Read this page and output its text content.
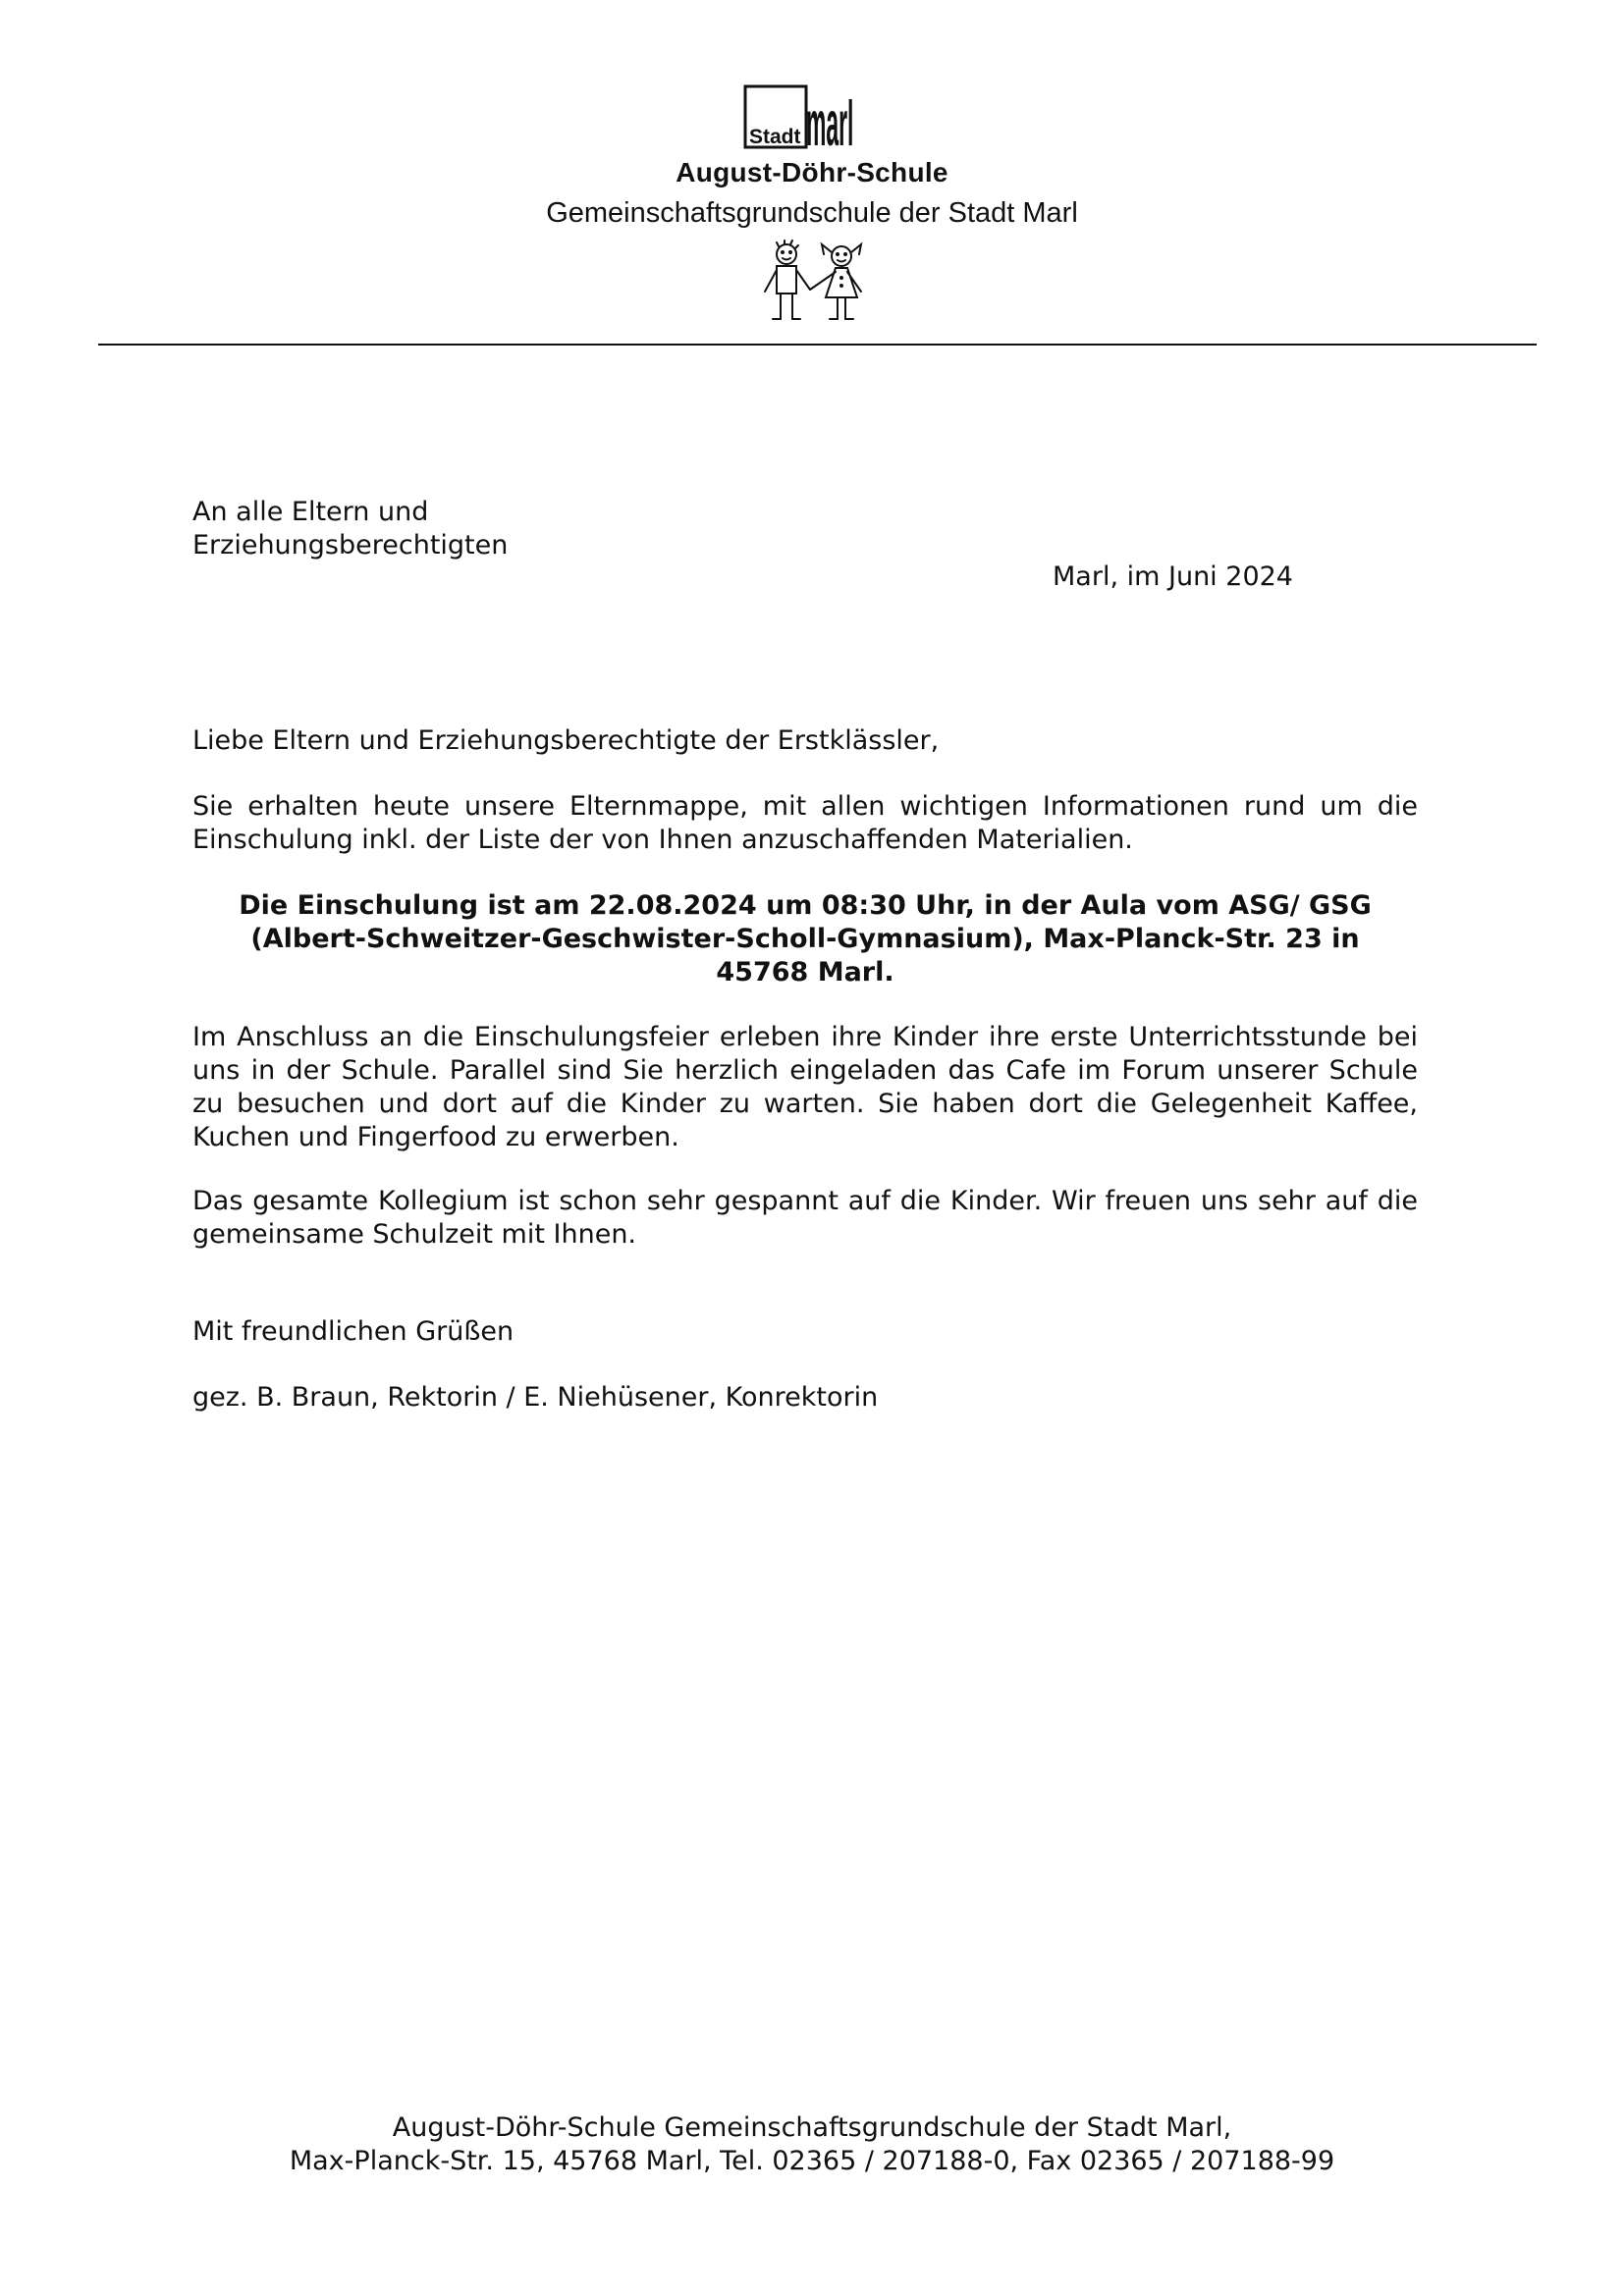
Stadt marl
August-Döhr-Schule
Gemeinschaftsgrundschule der Stadt Marl
An alle Eltern und
Erziehungsberechtigten
Marl, im Juni 2024
Liebe Eltern und Erziehungsberechtigte der Erstklässler,
Sie erhalten heute unsere Elternmappe, mit allen wichtigen Informationen rund um die Einschulung inkl. der Liste der von Ihnen anzuschaffenden Materialien.
Die Einschulung ist am 22.08.2024 um 08:30 Uhr, in der Aula vom ASG/ GSG
(Albert-Schweitzer-Geschwister-Scholl-Gymnasium), Max-Planck-Str. 23 in
45768 Marl.
Im Anschluss an die Einschulungsfeier erleben ihre Kinder ihre erste Unterrichtsstunde bei uns in der Schule. Parallel sind Sie herzlich eingeladen das Cafe im Forum unserer Schule zu besuchen und dort auf die Kinder zu warten. Sie haben dort die Gelegenheit Kaffee, Kuchen und Fingerfood zu erwerben.
Das gesamte Kollegium ist schon sehr gespannt auf die Kinder. Wir freuen uns sehr auf die gemeinsame Schulzeit mit Ihnen.
Mit freundlichen Grüßen
gez. B. Braun, Rektorin / E. Niehüsener, Konrektorin
August-Döhr-Schule Gemeinschaftsgrundschule der Stadt Marl,
Max-Planck-Str. 15, 45768 Marl, Tel. 02365 / 207188-0, Fax 02365 / 207188-99
